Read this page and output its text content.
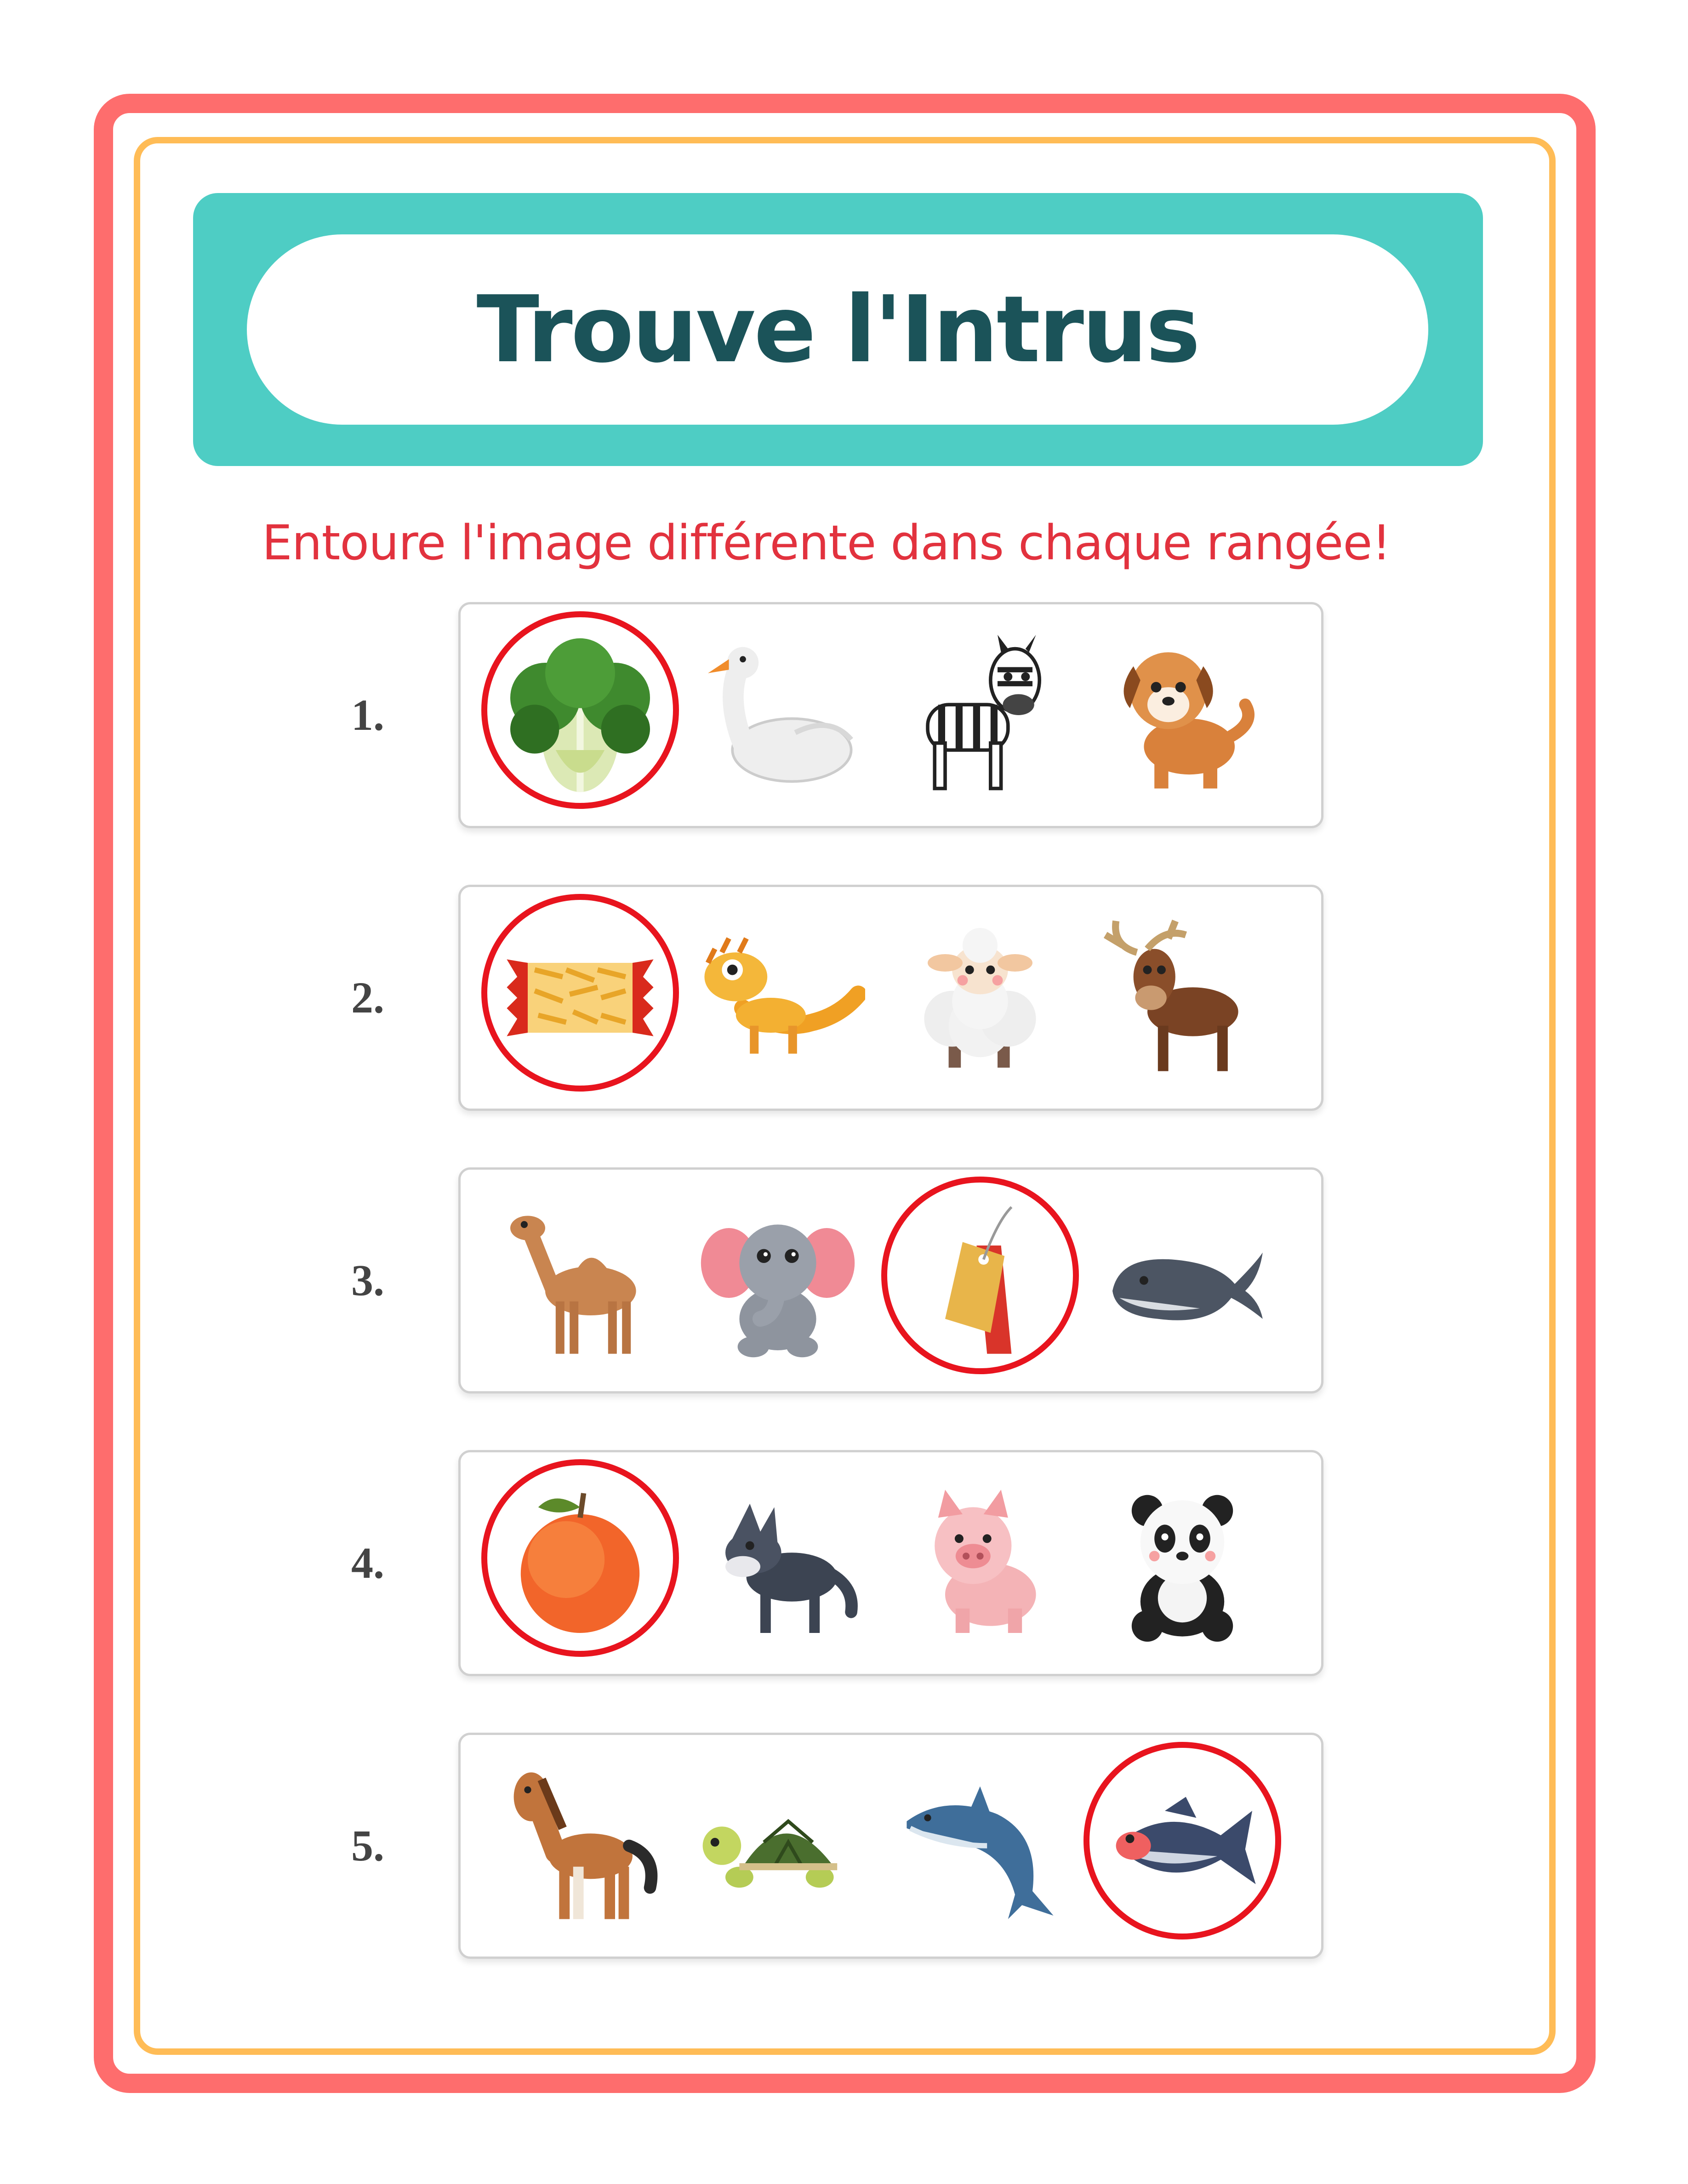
Trouve l'Intrus
Entoure l'image différente dans chaque rangée!
1.
2.
3.
4.
5.
